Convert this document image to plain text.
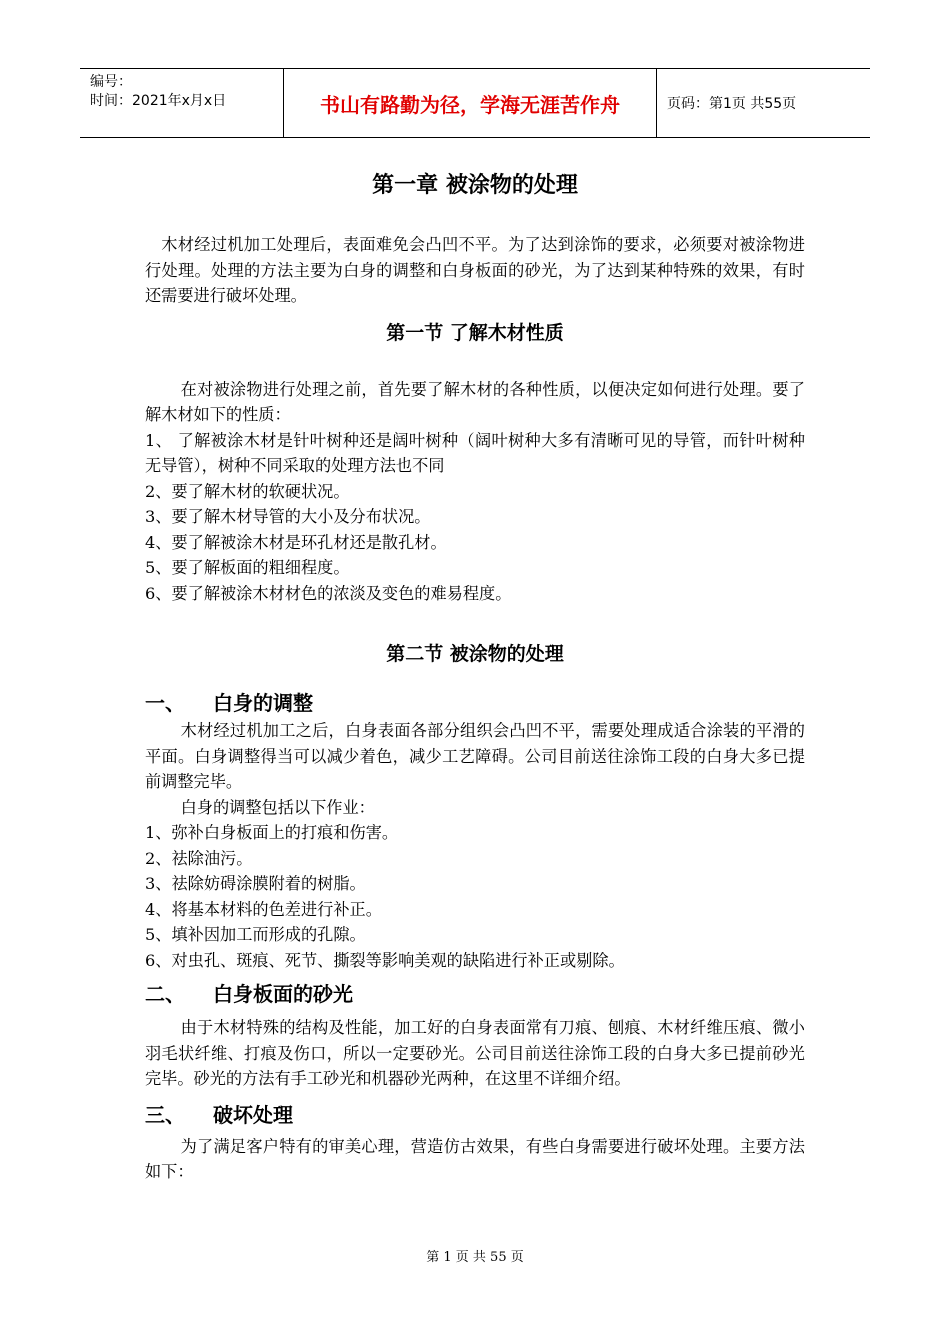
编号：
时间：2021年x月x日	书山有路勤为径，学海无涯苦作舟	页码：第1页 共55页
第一章 被涂物的处理

木材经过机加工处理后，表面难免会凸凹不平。为了达到涂饰的要求，必须要对被涂物进行处理。处理的方法主要为白身的调整和白身板面的砂光，为了达到某种特殊的效果，有时还需要进行破坏处理。

第一节 了解木材性质

在对被涂物进行处理之前，首先要了解木材的各种性质，以便决定如何进行处理。要了解木材如下的性质：

1、 了解被涂木材是针叶树种还是阔叶树种（阔叶树种大多有清晰可见的导管，而针叶树种无导管），树种不同采取的处理方法也不同

2、要了解木材的软硬状况。

3、要了解木材导管的大小及分布状况。

4、要了解被涂木材是环孔材还是散孔材。

5、要了解板面的粗细程度。

6、要了解被涂木材材色的浓淡及变色的难易程度。

第二节 被涂物的处理
一、 白身的调整

木材经过机加工之后，白身表面各部分组织会凸凹不平，需要处理成适合涂装的平滑的平面。白身调整得当可以减少着色，减少工艺障碍。公司目前送往涂饰工段的白身大多已提前调整完毕。

白身的调整包括以下作业：

1、弥补白身板面上的打痕和伤害。

2、祛除油污。

3、祛除妨碍涂膜附着的树脂。

4、将基本材料的色差进行补正。

5、填补因加工而形成的孔隙。

6、对虫孔、斑痕、死节、撕裂等影响美观的缺陷进行补正或剔除。

二、 白身板面的砂光

由于木材特殊的结构及性能，加工好的白身表面常有刀痕、刨痕、木材纤维压痕、微小羽毛状纤维、打痕及伤口，所以一定要砂光。公司目前送往涂饰工段的白身大多已提前砂光完毕。砂光的方法有手工砂光和机器砂光两种，在这里不详细介绍。

三、 破坏处理

为了满足客户特有的审美心理，营造仿古效果，有些白身需要进行破坏处理。主要方法如下：

第 1 页 共 55 页
